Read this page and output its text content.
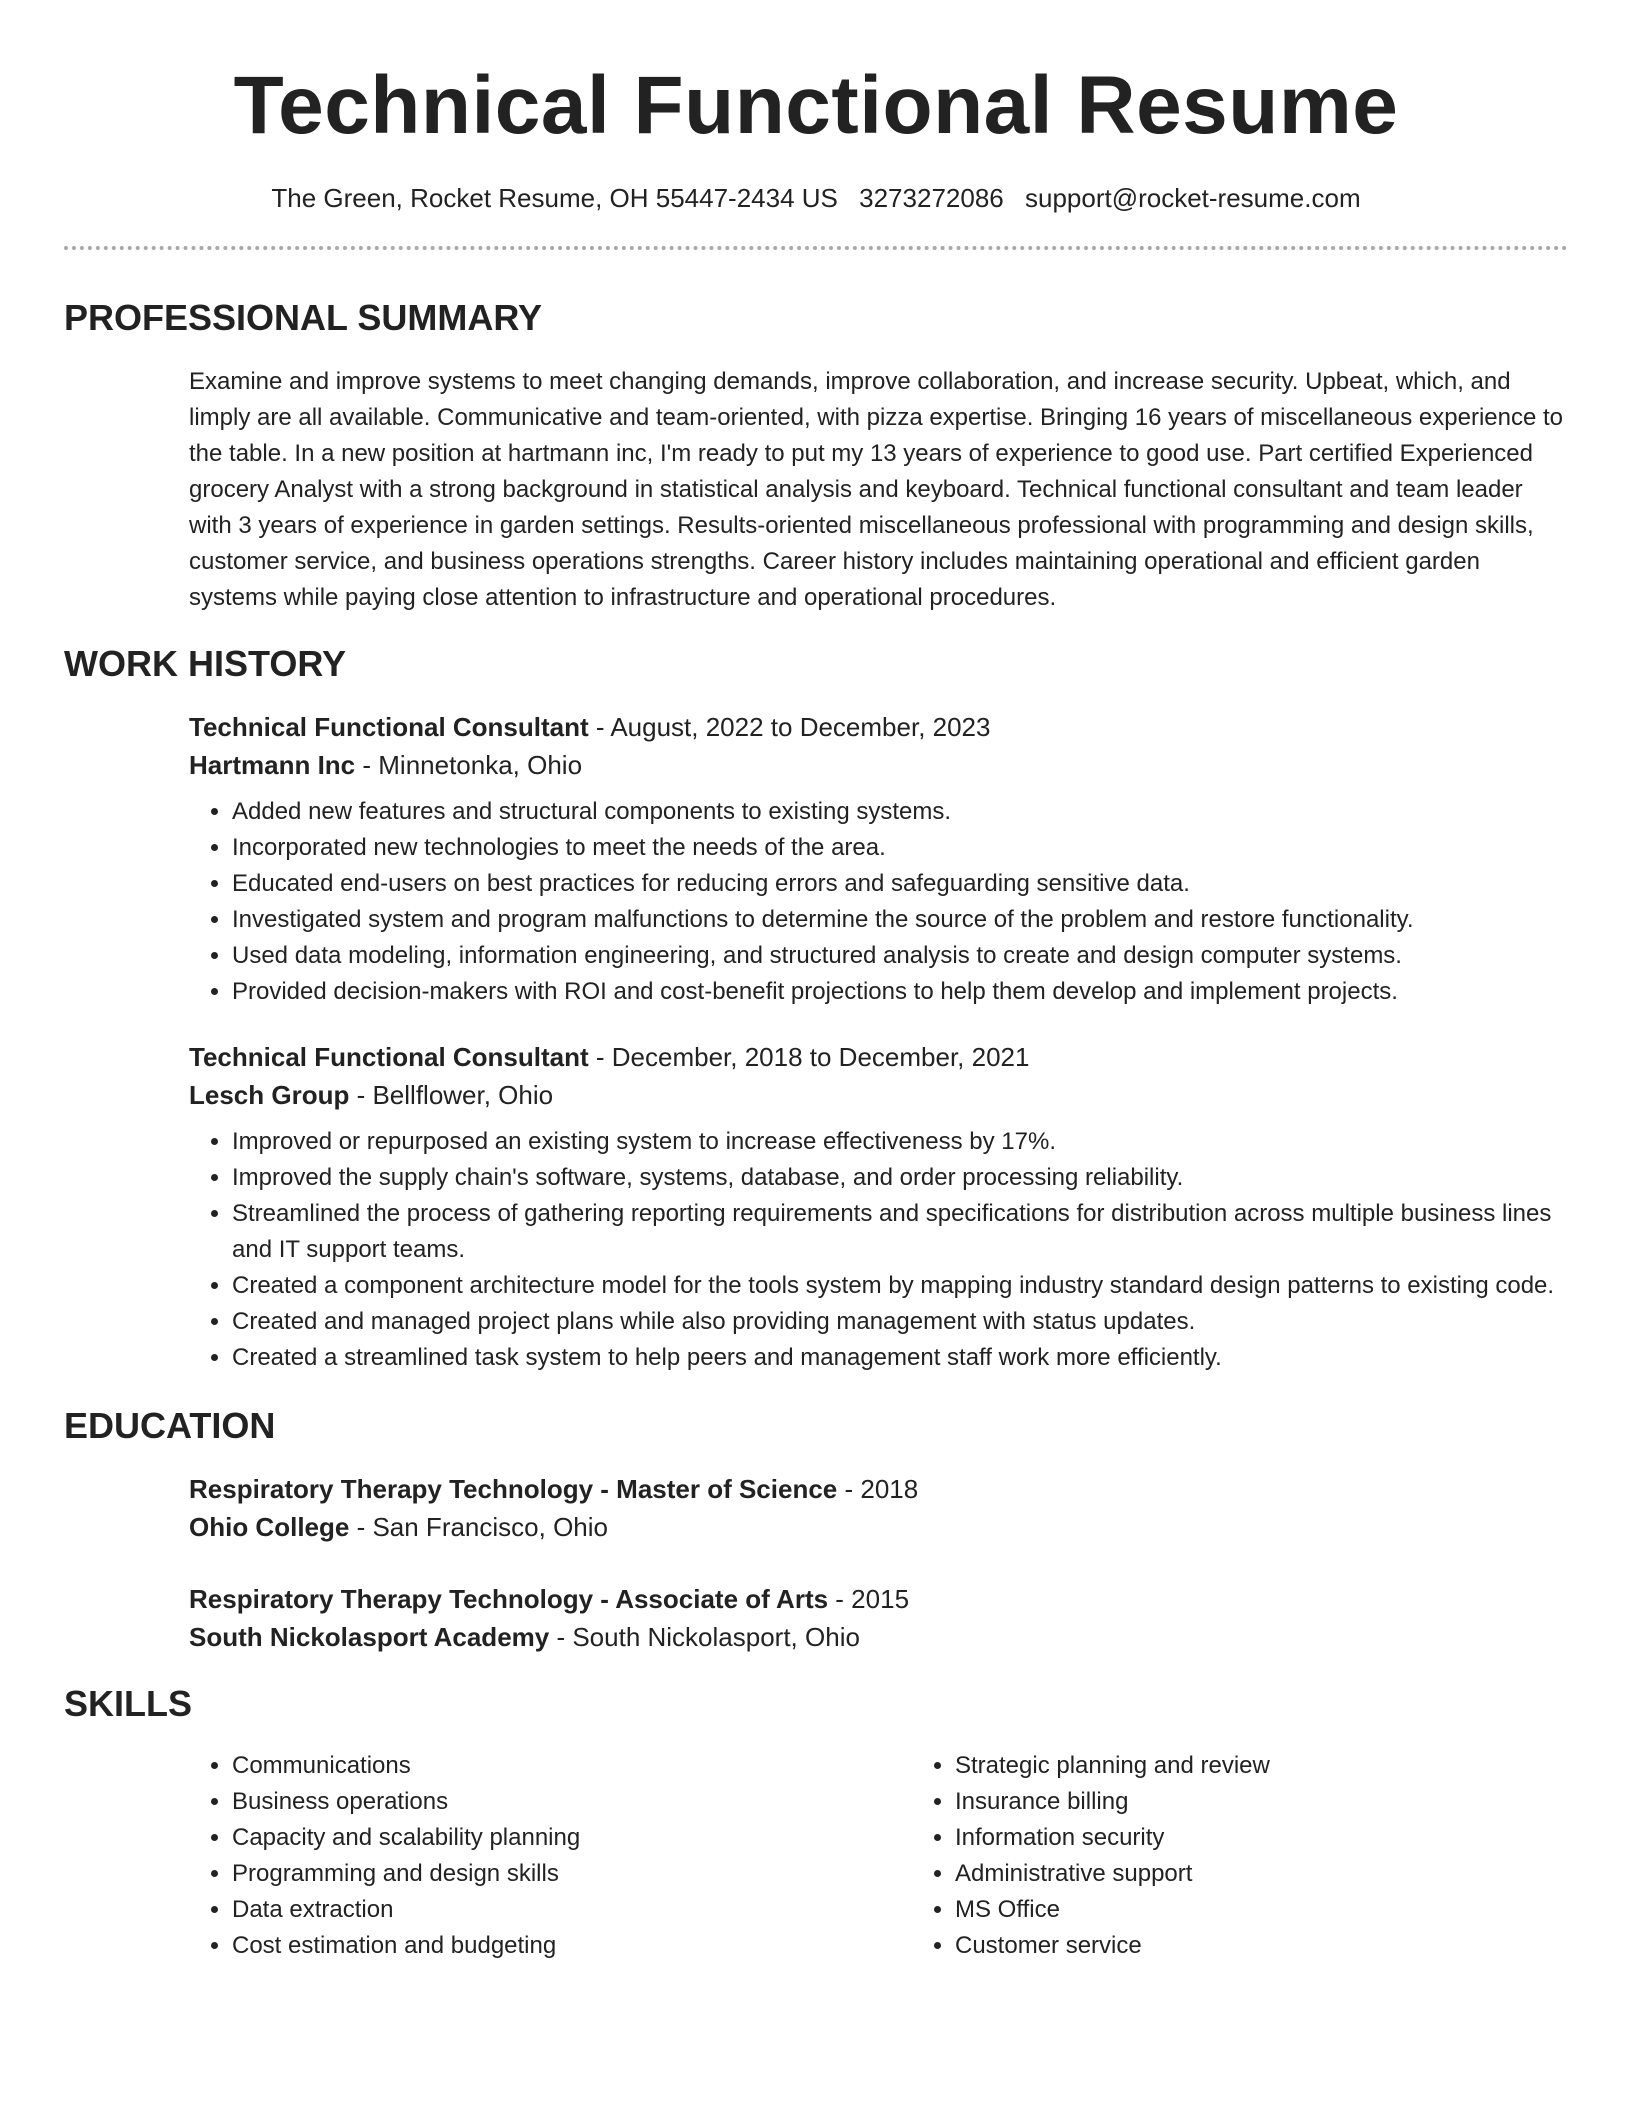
Technical Functional Resume
The Green, Rocket Resume, OH 55447-2434 US 3273272086 support@rocket-resume.com
PROFESSIONAL SUMMARY

Examine and improve systems to meet changing demands, improve collaboration, and increase security. Upbeat, which, and limply are all available. Communicative and team-oriented, with pizza expertise. Bringing 16 years of miscellaneous experience to the table. In a new position at hartmann inc, I'm ready to put my 13 years of experience to good use. Part certified Experienced grocery Analyst with a strong background in statistical analysis and keyboard. Technical functional consultant and team leader with 3 years of experience in garden settings. Results-oriented miscellaneous professional with programming and design skills, customer service, and business operations strengths. Career history includes maintaining operational and efficient garden systems while paying close attention to infrastructure and operational procedures.

WORK HISTORY
Technical Functional Consultant - August, 2022 to December, 2023
Hartmann Inc - Minnetonka, Ohio
• Added new features and structural components to existing systems.
• Incorporated new technologies to meet the needs of the area.
• Educated end-users on best practices for reducing errors and safeguarding sensitive data.
• Investigated system and program malfunctions to determine the source of the problem and restore functionality.
• Used data modeling, information engineering, and structured analysis to create and design computer systems.
• Provided decision-makers with ROI and cost-benefit projections to help them develop and implement projects.
Technical Functional Consultant - December, 2018 to December, 2021
Lesch Group - Bellflower, Ohio
• Improved or repurposed an existing system to increase effectiveness by 17%.
• Improved the supply chain's software, systems, database, and order processing reliability.
• Streamlined the process of gathering reporting requirements and specifications for distribution across multiple business lines and IT support teams.
• Created a component architecture model for the tools system by mapping industry standard design patterns to existing code.
• Created and managed project plans while also providing management with status updates.
• Created a streamlined task system to help peers and management staff work more efficiently.
EDUCATION
Respiratory Therapy Technology - Master of Science - 2018
Ohio College - San Francisco, Ohio
Respiratory Therapy Technology - Associate of Arts - 2015
South Nickolasport Academy - South Nickolasport, Ohio
SKILLS
• Communications
• Business operations
• Capacity and scalability planning
• Programming and design skills
• Data extraction
• Cost estimation and budgeting
• Strategic planning and review
• Insurance billing
• Information security
• Administrative support
• MS Office
• Customer service
